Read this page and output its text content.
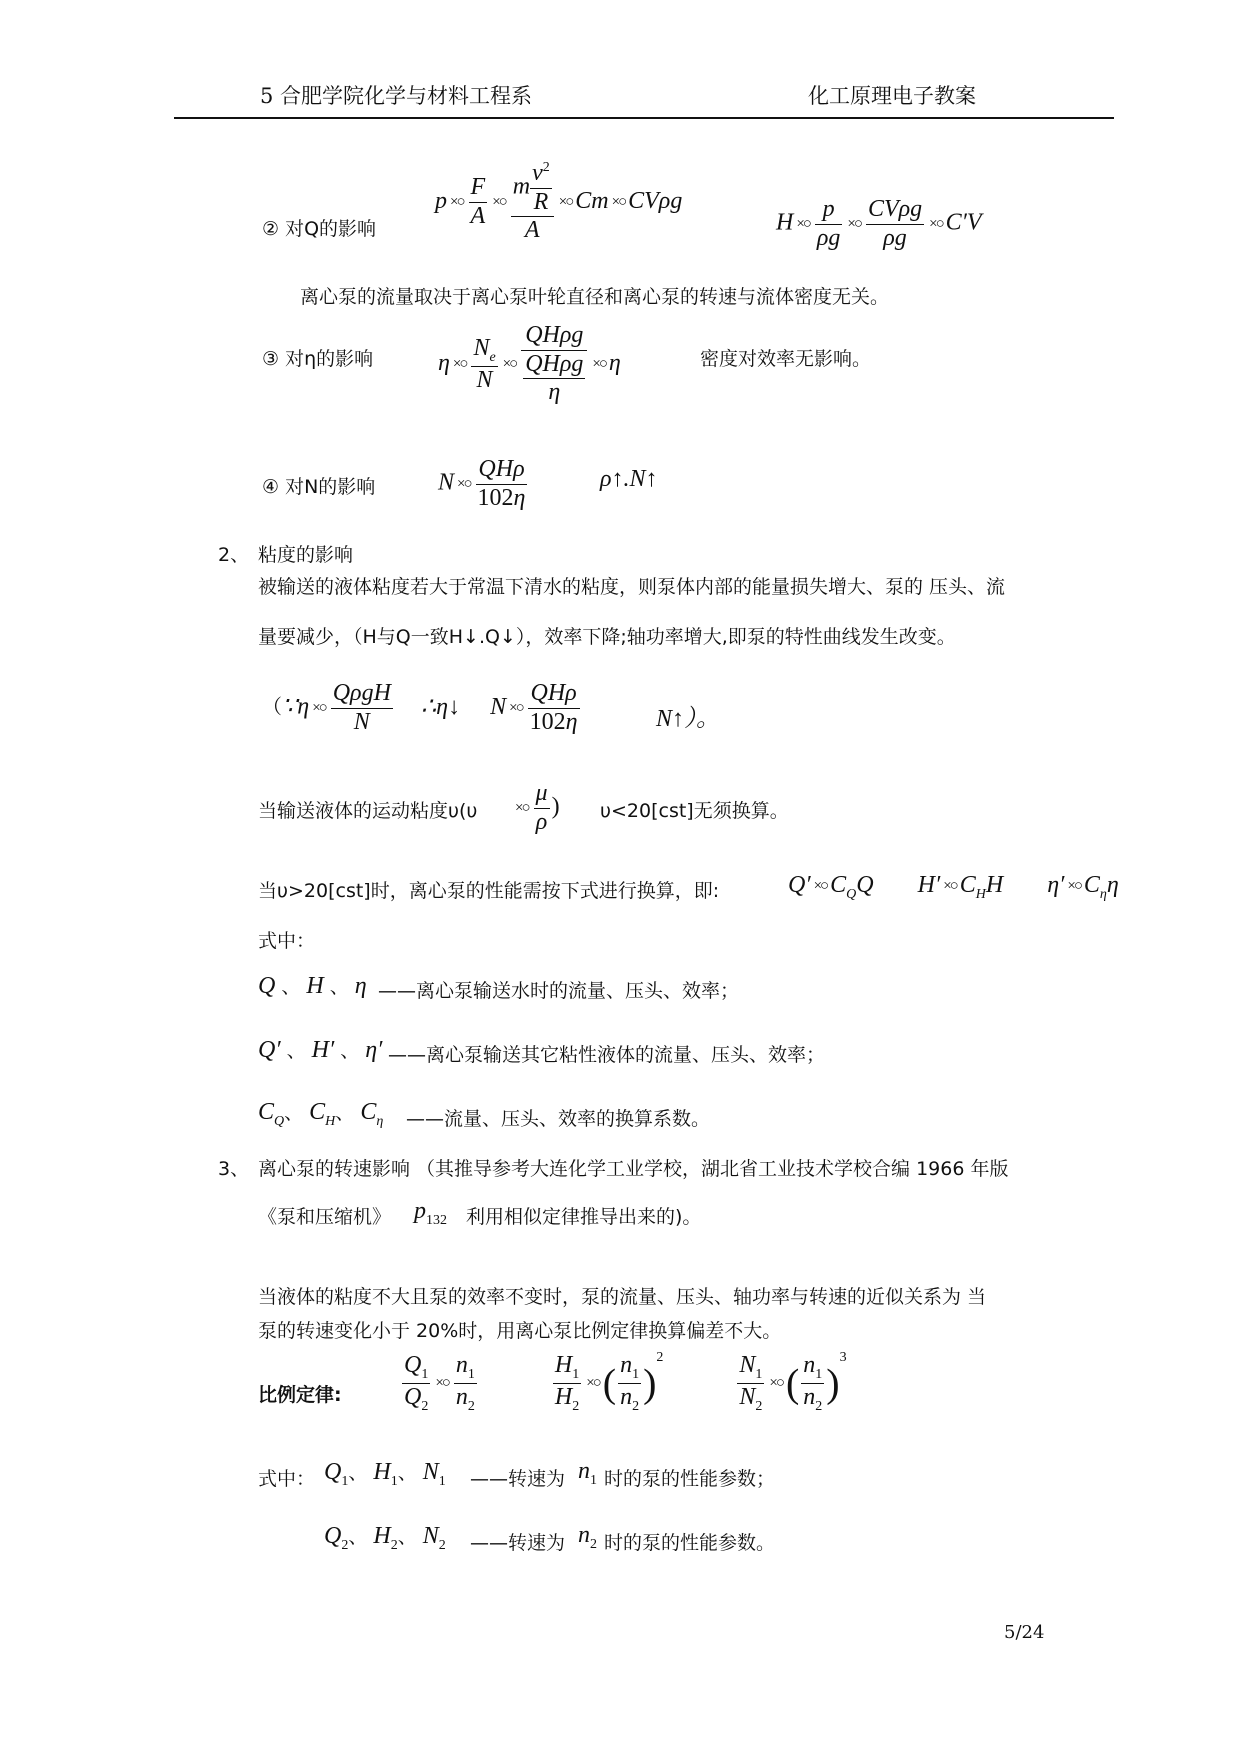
5 合肥学院化学与材料工程系	化工原理电子教案
② 对Q的影响
p ×○ $\frac{F}{A}$ ×○ $\frac{m \frac{v^2}{R}}{A}$ ×○ Cm ×○ CVρg
H ×○ $\frac{p}{\rho g}$ ×○ $\frac{\text{CVρg}}{\rho g}$ ×○ C′V
离心泵的流量取决于离心泵叶轮直径和离心泵的转速与流体密度无关。
③ 对η的影响	η ×○ $\frac{N_e}{N}$ ×○ $\frac{\text{QHρg}}{\frac{\text{QHρg}}{\eta}}$ ×○ η	密度对效率无影响。
④ 对N的影响	N ×○ $\frac{\text{QHρ}}{102\eta}$	ρ↑.N↑
2、 粘度的影响
被输送的液体粘度若大于常温下清水的粘度，则泵体内部的能量损失增大、泵的 压头、流
量要减少，（H与Q一致H↓.Q↓），效率下降;轴功率增大,即泵的特性曲线发生改变。
（∵η ×○ $\frac{\text{QρgH}}{N}$ ∴η↓ N ×○ $\frac{\text{QHρ}}{102\eta}$	N↑）。
当输送液体的运动粘度υ(υ	×○ $\frac{\mu}{\rho}$ ) υ<20[cst]无须换算。
当υ>20[cst]时，离心泵的性能需按下式进行换算，即:	Q′ ×○ $C_QQ$ H′ ×○ $C_HH$ η′ ×○ $C_\eta\eta$
式中：
Q 、 H 、 η ——离心泵输送水时的流量、压头、效率；
Q′ 、 H′ 、 η′ ——离心泵输送其它粘性液体的流量、压头、效率；
$C_Q$、 $C_H$、 $C_\eta$ ——流量、压头、效率的换算系数。
3、 离心泵的转速影响 （其推导参考大连化学工业学校，湖北省工业技术学校合编 1966 年版
《泵和压缩机》 $p_{132}$ 利用相似定律推导出来的)。
当液体的粘度不大且泵的效率不变时，泵的流量、压头、轴功率与转速的近似关系为 当
泵的转速变化小于 20%时，用离心泵比例定律换算偏差不大。
比例定律:	$\frac{Q_1}{Q_2}$ ×○ $\frac{n_1}{n_2}$
	$\frac{H_1}{H_2}$ ×○( $\frac{n_1}{n_2} )^2$	$\frac{N_1}{N_2}$ ×○( $\frac{n_1}{n_2} )^3$
式中： $Q_1$、 $H_1$、 $N_1$ ——转速为 $n_1$ 时的泵的性能参数；
$Q_2$、 $H_2$、 $N_2$ ——转速为 $n_2$ 时的泵的性能参数。
5/24
